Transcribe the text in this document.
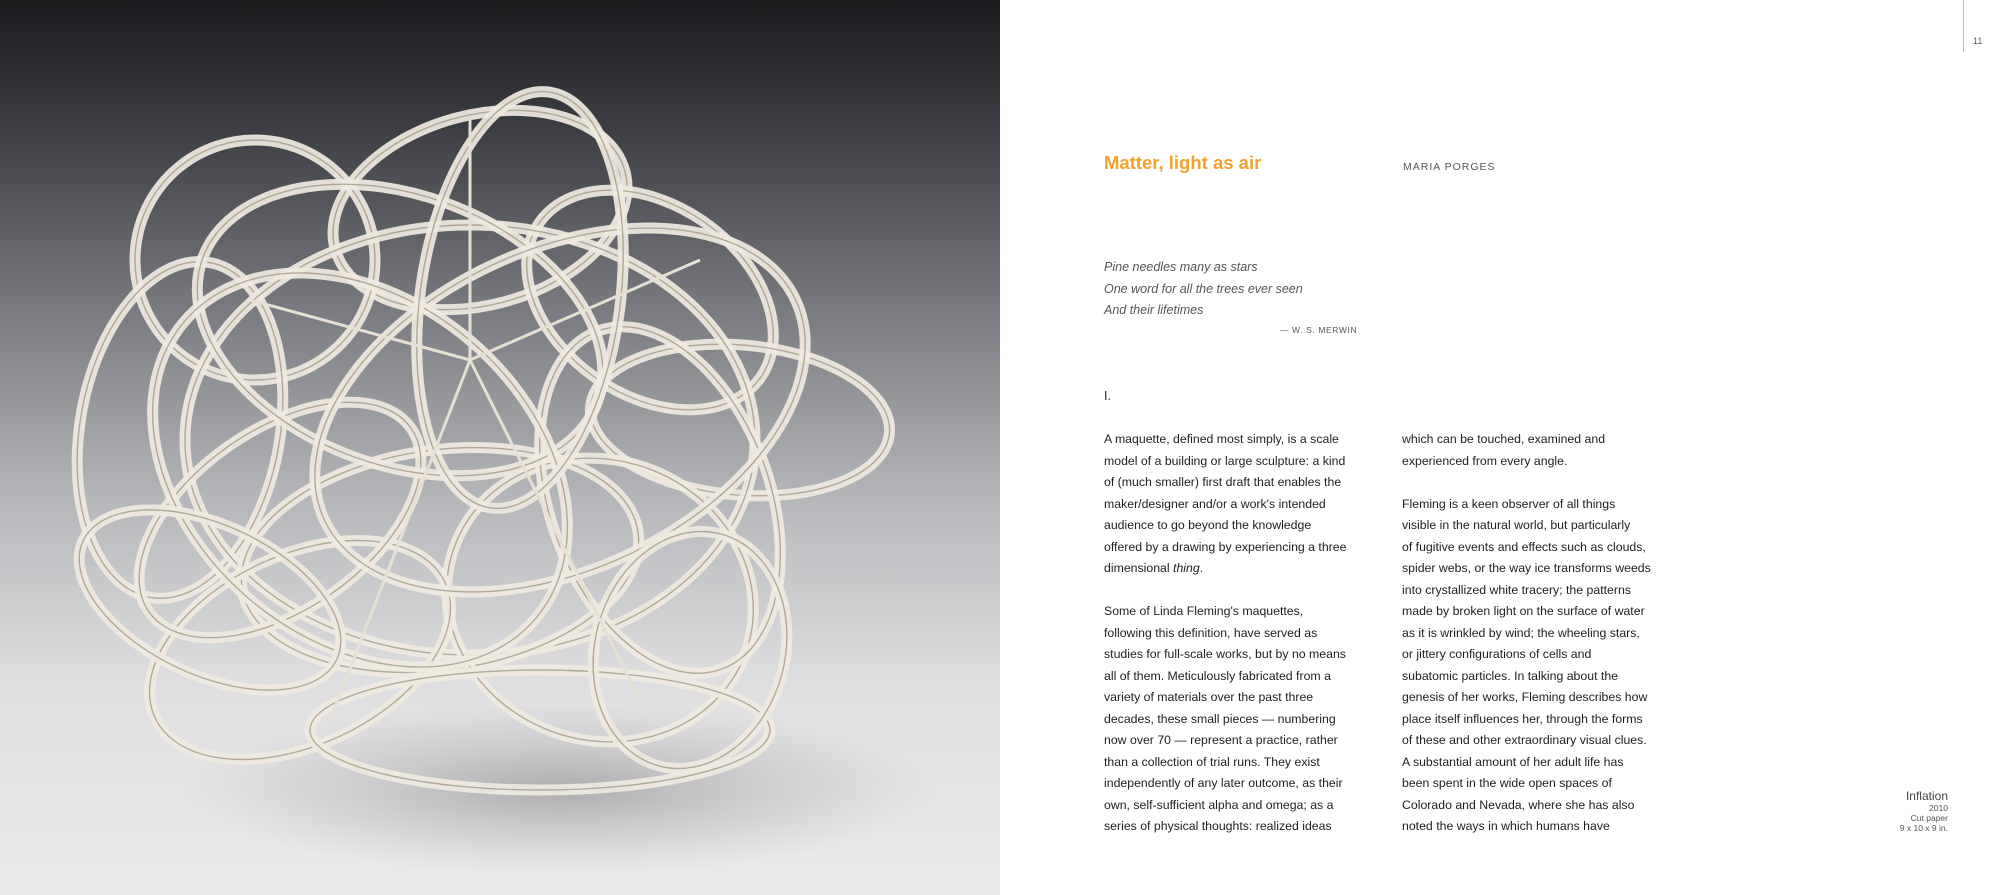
11
Matter, light as air	MARIA PORGES
Pine needles many as stars
One word for all the trees ever seen
And their lifetimes
— W. S. MERWIN
I.
A maquette, defined most simply, is a scale
model of a building or large sculpture: a kind
of (much smaller) first draft that enables the
maker/designer and/or a work's intended
audience to go beyond the knowledge
offered by a drawing by experiencing a three
dimensional thing.
Some of Linda Fleming's maquettes,
following this definition, have served as
studies for full-scale works, but by no means
all of them. Meticulously fabricated from a
variety of materials over the past three
decades, these small pieces — numbering
now over 70 — represent a practice, rather
than a collection of trial runs. They exist
independently of any later outcome, as their
own, self-sufficient alpha and omega; as a
series of physical thoughts: realized ideas
which can be touched, examined and
experienced from every angle.
Fleming is a keen observer of all things
visible in the natural world, but particularly
of fugitive events and effects such as clouds,
spider webs, or the way ice transforms weeds
into crystallized white tracery; the patterns
made by broken light on the surface of water
as it is wrinkled by wind; the wheeling stars,
or jittery configurations of cells and
subatomic particles. In talking about the
genesis of her works, Fleming describes how
place itself influences her, through the forms
of these and other extraordinary visual clues.
A substantial amount of her adult life has
been spent in the wide open spaces of
Colorado and Nevada, where she has also
noted the ways in which humans have
Inflation
2010
Cut paper
9 x 10 x 9 in.
